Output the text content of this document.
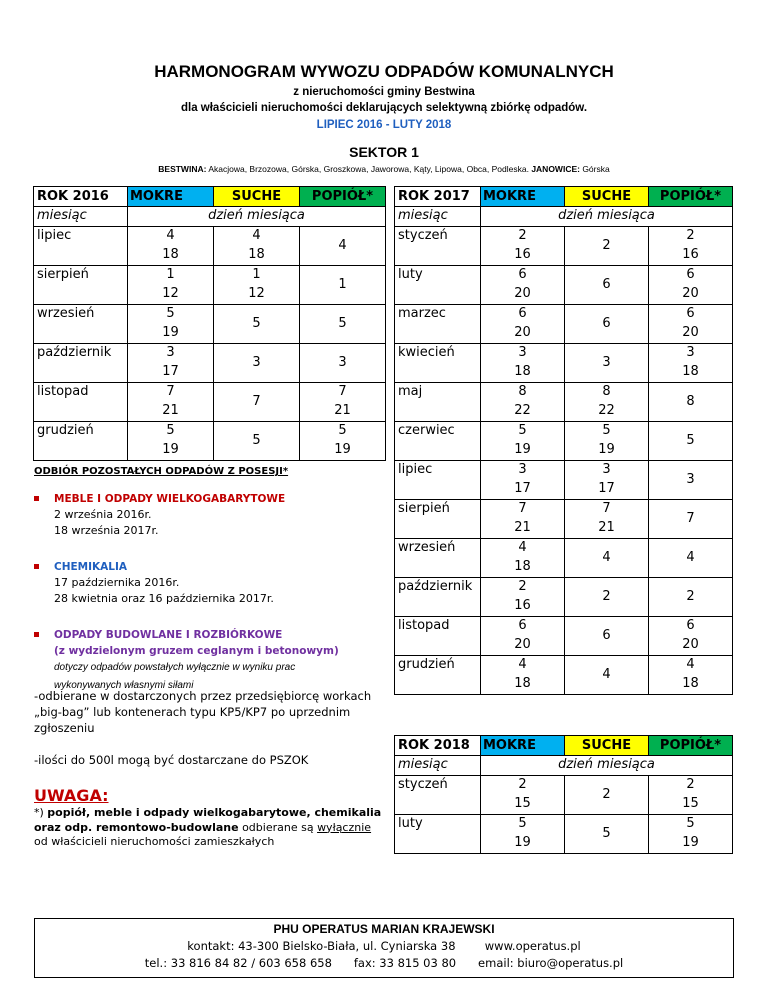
HARMONOGRAM WYWOZU ODPADÓW KOMUNALNYCH
z nieruchomości gminy Bestwina
dla właścicieli nieruchomości deklarujących selektywną zbiórkę odpadów.
LIPIEC 2016 - LUTY 2018
SEKTOR 1
BESTWINA: Akacjowa, Brzozowa, Górska, Groszkowa, Jaworowa, Kąty, Lipowa, Obca, Podleska. JANOWICE: Górska
ROK 2016	MOKRE	SUCHE	POPIÓŁ*
miesiąc	dzień miesiąca		
lipiec	4	4	4
	18	18	
sierpień	1	1	1
	12	12	
wrzesień	5	5	5
	19		
październik	3	3	3
	17		
listopad	7	7	7
	21		21
grudzień	5	5	5
	19		19
ROK 2017	MOKRE	SUCHE	POPIÓŁ*
miesiąc	dzień miesiąca		
styczeń	2	2	2
	16		16
luty	6	6	6
	20		20
marzec	6	6	6
	20		20
kwiecień	3	3	3
	18		18
maj	8	8	8
	22	22	
czerwiec	5	5	5
	19	19	
lipiec	3	3	3
	17	17	
sierpień	7	7	7
	21	21	
wrzesień	4	4	4
	18		
październik	2	2	2
	16		
listopad	6	6	6
	20		20
grudzień	4	4	4
	18		18
ROK 2018	MOKRE	SUCHE	POPIÓŁ*
miesiąc	dzień miesiąca		
styczeń	2	2	2
	15		15
luty	5	5	5
	19		19
ODBIÓR POZOSTAŁYCH ODPADÓW Z POSESJI*
MEBLE I ODPADY WIELKOGABARYTOWE
2 września 2016r.
18 września 2017r.
CHEMIKALIA
17 października 2016r.
28 kwietnia oraz 16 października 2017r.
ODPADY BUDOWLANE I ROZBIÓRKOWE
(z wydzielonym gruzem ceglanym i betonowym)
dotyczy odpadów powstałych wyłącznie w wyniku prac
wykonywanych własnymi siłami
-odbierane w dostarczonych przez przedsiębiorcę workach „big-bag” lub kontenerach typu KP5/KP7 po uprzednim zgłoszeniu
-ilości do 500l mogą być dostarczane do PSZOK
UWAGA:
*) popiół, meble i odpady wielkogabarytowe, chemikalia oraz odp. remontowo-budowlane odbierane są wyłącznie od właścicieli nieruchomości zamieszkałych
PHU OPERATUS MARIAN KRAJEWSKI
kontakt: 43-300 Bielsko-Biała, ul. Cyniarska 38	www.operatus.pl
tel.: 33 816 84 82 / 603 658 658 fax: 33 815 03 80 email: biuro@operatus.pl
